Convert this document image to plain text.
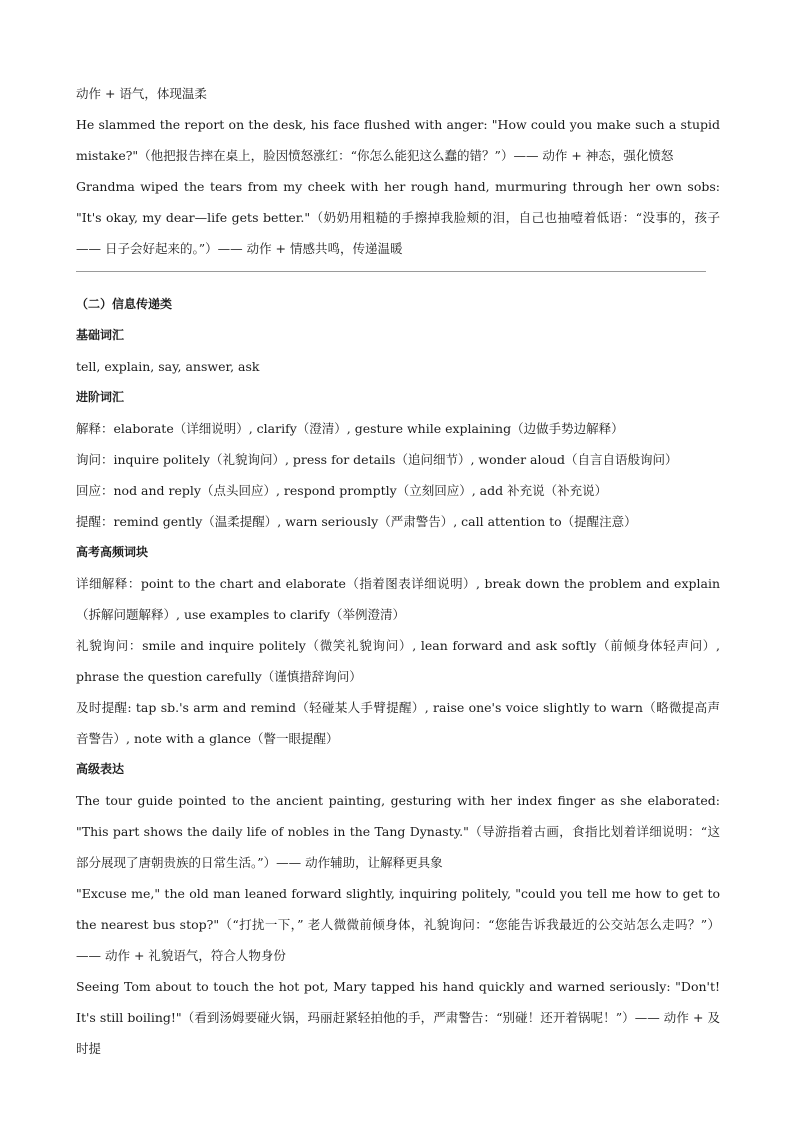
动作 + 语气，体现温柔

He slammed the report on the desk, his face flushed with anger: "How could you make such a stupid mistake?"（他把报告摔在桌上，脸因愤怒涨红：“你怎么能犯这么蠢的错？”）—— 动作 + 神态，强化愤怒

Grandma wiped the tears from my cheek with her rough hand, murmuring through her own sobs: "It's okay, my dear—life gets better."（奶奶用粗糙的手擦掉我脸颊的泪，自己也抽噎着低语：“没事的，孩子 —— 日子会好起来的。”）—— 动作 + 情感共鸣，传递温暖

（二）信息传递类

基础词汇

tell, explain, say, answer, ask

进阶词汇

解释：elaborate（详细说明）, clarify（澄清）, gesture while explaining（边做手势边解释）

询问：inquire politely（礼貌询问）, press for details（追问细节）, wonder aloud（自言自语般询问）

回应：nod and reply（点头回应）, respond promptly（立刻回应）, add 补充说（补充说）

提醒：remind gently（温柔提醒）, warn seriously（严肃警告）, call attention to（提醒注意）

高考高频词块

详细解释：point to the chart and elaborate（指着图表详细说明）, break down the problem and explain（拆解问题解释）, use examples to clarify（举例澄清）

礼貌询问：smile and inquire politely（微笑礼貌询问）, lean forward and ask softly（前倾身体轻声问）, phrase the question carefully（谨慎措辞询问）

及时提醒: tap sb.'s arm and remind（轻碰某人手臂提醒）, raise one's voice slightly to warn（略微提高声音警告）, note with a glance（瞥一眼提醒）

高级表达

The tour guide pointed to the ancient painting, gesturing with her index finger as she elaborated: "This part shows the daily life of nobles in the Tang Dynasty."（导游指着古画，食指比划着详细说明：“这部分展现了唐朝贵族的日常生活。”）—— 动作辅助，让解释更具象

"Excuse me," the old man leaned forward slightly, inquiring politely, "could you tell me how to get to the nearest bus stop?"（“打扰一下，” 老人微微前倾身体，礼貌询问：“您能告诉我最近的公交站怎么走吗？”）—— 动作 + 礼貌语气，符合人物身份

Seeing Tom about to touch the hot pot, Mary tapped his hand quickly and warned seriously: "Don't! It's still boiling!"（看到汤姆要碰火锅，玛丽赶紧轻拍他的手，严肃警告：“别碰！还开着锅呢！”）—— 动作 + 及时提
